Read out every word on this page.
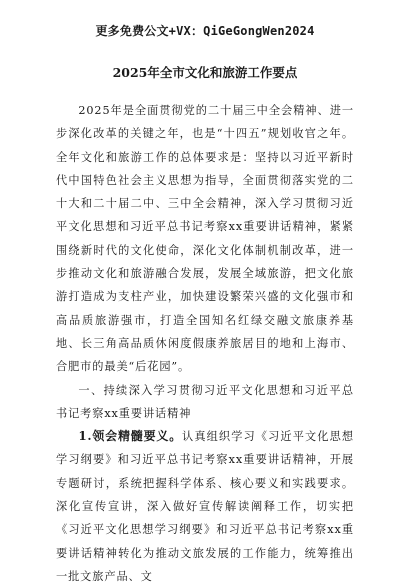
更多免费公文+VX：QiGeGongWen2024
2025年全市文化和旅游工作要点

2025年是全面贯彻党的二十届三中全会精神、进一步深化改革的关键之年，也是“十四五”规划收官之年。全年文化和旅游工作的总体要求是：坚持以习近平新时代中国特色社会主义思想为指导，全面贯彻落实党的二十大和二十届二中、三中全会精神，深入学习贯彻习近平文化思想和习近平总书记考察xx重要讲话精神，紧紧围绕新时代的文化使命，深化文化体制机制改革，进一步推动文化和旅游融合发展，发展全域旅游，把文化旅游打造成为支柱产业，加快建设繁荣兴盛的文化强市和高品质旅游强市，打造全国知名红绿交融文旅康养基地、长三角高品质休闲度假康养旅居目的地和上海市、合肥市的最美“后花园”。

一、持续深入学习贯彻习近平文化思想和习近平总书记考察xx重要讲话精神

1.领会精髓要义。认真组织学习《习近平文化思想学习纲要》和习近平总书记考察xx重要讲话精神，开展专题研讨，系统把握科学体系、核心要义和实践要求。深化宣传宣讲，深入做好宣传解读阐释工作，切实把《习近平文化思想学习纲要》和习近平总书记考察xx重要讲话精神转化为推动文旅发展的工作能力，统筹推出一批文旅产品、文
